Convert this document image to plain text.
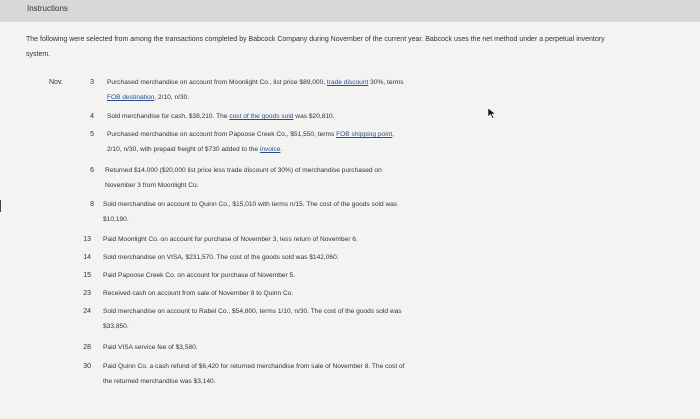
Instructions
The following were selected from among the transactions completed by Babcock Company during November of the current year. Babcock uses the net method under a perpetual inventory
system.
Nov.	3 Purchased merchandise on account from Moonlight Co., list price $89,000, trade discount 30%, terms
FOB destination, 2/10, n/30.
4 Sold merchandise for cash, $38,210. The cost of the goods sold was $20,810.
5 Purchased merchandise on account from Papoose Creek Co., $51,550, terms FOB shipping point,
2/10, n/30, with prepaid freight of $730 added to the invoice.
6 Returned $14,000 ($20,000 list price less trade discount of 30%) of merchandise purchased on
November 3 from Moonlight Co.
8 Sold merchandise on account to Quinn Co., $15,010 with terms n/15. The cost of the goods sold was
$10,190.
13 Paid Moonlight Co. on account for purchase of November 3, less return of November 6.
14 Sold merchandise on VISA, $231,570. The cost of the goods sold was $142,060.
15 Paid Papoose Creek Co. on account for purchase of November 5.
23 Received cash on account from sale of November 8 to Quinn Co.
24 Sold merchandise on account to Rabel Co., $54,800, terms 1/10, n/30. The cost of the goods sold was
$33,850.
28 Paid VISA service fee of $3,580.
30 Paid Quinn Co. a cash refund of $6,420 for returned merchandise from sale of November 8. The cost of
the returned merchandise was $3,140.
